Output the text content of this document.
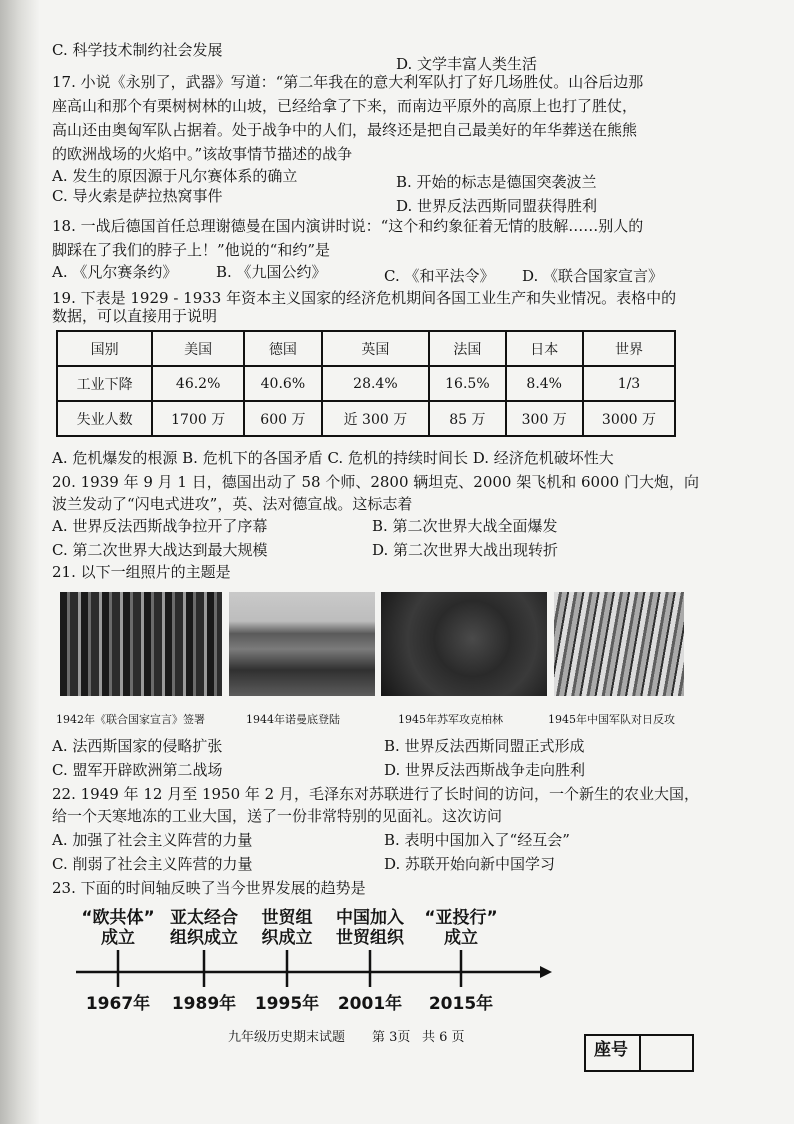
C. 科学技术制约社会发展
D. 文学丰富人类生活
17. 小说《永别了，武器》写道：“第二年我在的意大利军队打了好几场胜仗。山谷后边那
座高山和那个有栗树树林的山坡，已经给拿了下来，而南边平原外的高原上也打了胜仗，
高山还由奥匈军队占据着。处于战争中的人们，最终还是把自己最美好的年华葬送在熊熊
的欧洲战场的火焰中。”该故事情节描述的战争
A. 发生的原因源于凡尔赛体系的确立	B. 开始的标志是德国突袭波兰
C. 导火索是萨拉热窝事件
D. 世界反法西斯同盟获得胜利
18. 一战后德国首任总理谢德曼在国内演讲时说：“这个和约象征着无情的肢解……别人的
脚踩在了我们的脖子上！”他说的“和约”是
A. 《凡尔赛条约》	B. 《九国公约》	C. 《和平法令》 D. 《联合国家宣言》
19. 下表是 1929 - 1933 年资本主义国家的经济危机期间各国工业生产和失业情况。表格中的
数据，可以直接用于说明
国别	美国	德国	英国	法国	日本	世界
工业下降	46.2%	40.6%	28.4%	16.5%	8.4%	1/3
失业人数	1700 万	600 万	近 300 万	85 万	300 万	3000 万
A. 危机爆发的根源 B. 危机下的各国矛盾 C. 危机的持续时间长 D. 经济危机破坏性大
20. 1939 年 9 月 1 日，德国出动了 58 个师、2800 辆坦克、2000 架飞机和 6000 门大炮，向
波兰发动了“闪电式进攻”，英、法对德宣战。这标志着
A. 世界反法西斯战争拉开了序幕	B. 第二次世界大战全面爆发
C. 第二次世界大战达到最大规模	D. 第二次世界大战出现转折
21. 以下一组照片的主题是
1942年《联合国家宣言》签署	1944年诺曼底登陆	1945年苏军攻克柏林	1945年中国军队对日反攻
A. 法西斯国家的侵略扩张	B. 世界反法西斯同盟正式形成
C. 盟军开辟欧洲第二战场	D. 世界反法西斯战争走向胜利
22. 1949 年 12 月至 1950 年 2 月，毛泽东对苏联进行了长时间的访问，一个新生的农业大国，
给一个天寒地冻的工业大国，送了一份非常特别的见面礼。这次访问
A. 加强了社会主义阵营的力量	B. 表明中国加入了“经互会”
C. 削弱了社会主义阵营的力量	D. 苏联开始向新中国学习
23. 下面的时间轴反映了当今世界发展的趋势是
“欧共体”
成立
亚太经合
组织成立
世贸组
织成立
中国加入
世贸组织
“亚投行”
成立
1967年	1989年	1995年	2001年	2015年
九年级历史期末试题 第 3页 共 6 页
座号
